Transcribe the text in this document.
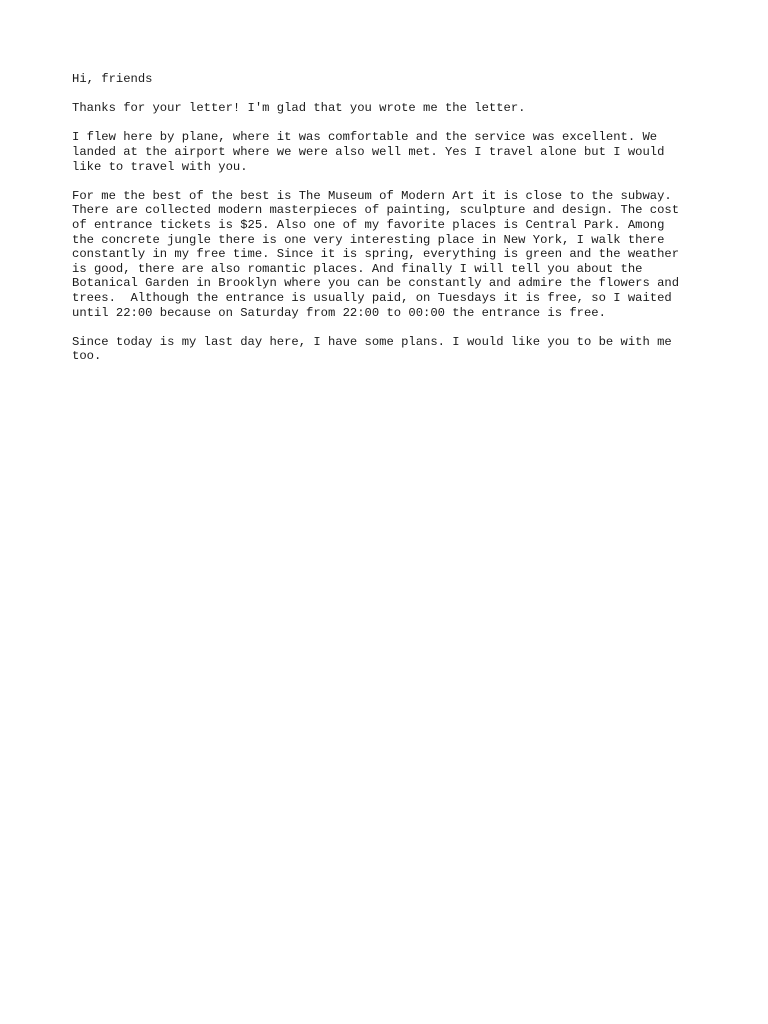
Hi, friends

Thanks for your letter! I'm glad that you wrote me the letter.

I flew here by plane, where it was comfortable and the service was excellent. We
landed at the airport where we were also well met. Yes I travel alone but I would
like to travel with you.

For me the best of the best is The Museum of Modern Art it is close to the subway.
There are collected modern masterpieces of painting, sculpture and design. The cost
of entrance tickets is $25. Also one of my favorite places is Central Park. Among
the concrete jungle there is one very interesting place in New York, I walk there
constantly in my free time. Since it is spring, everything is green and the weather
is good, there are also romantic places. And finally I will tell you about the
Botanical Garden in Brooklyn where you can be constantly and admire the flowers and
trees.  Although the entrance is usually paid, on Tuesdays it is free, so I waited
until 22:00 because on Saturday from 22:00 to 00:00 the entrance is free.

Since today is my last day here, I have some plans. I would like you to be with me
too.
